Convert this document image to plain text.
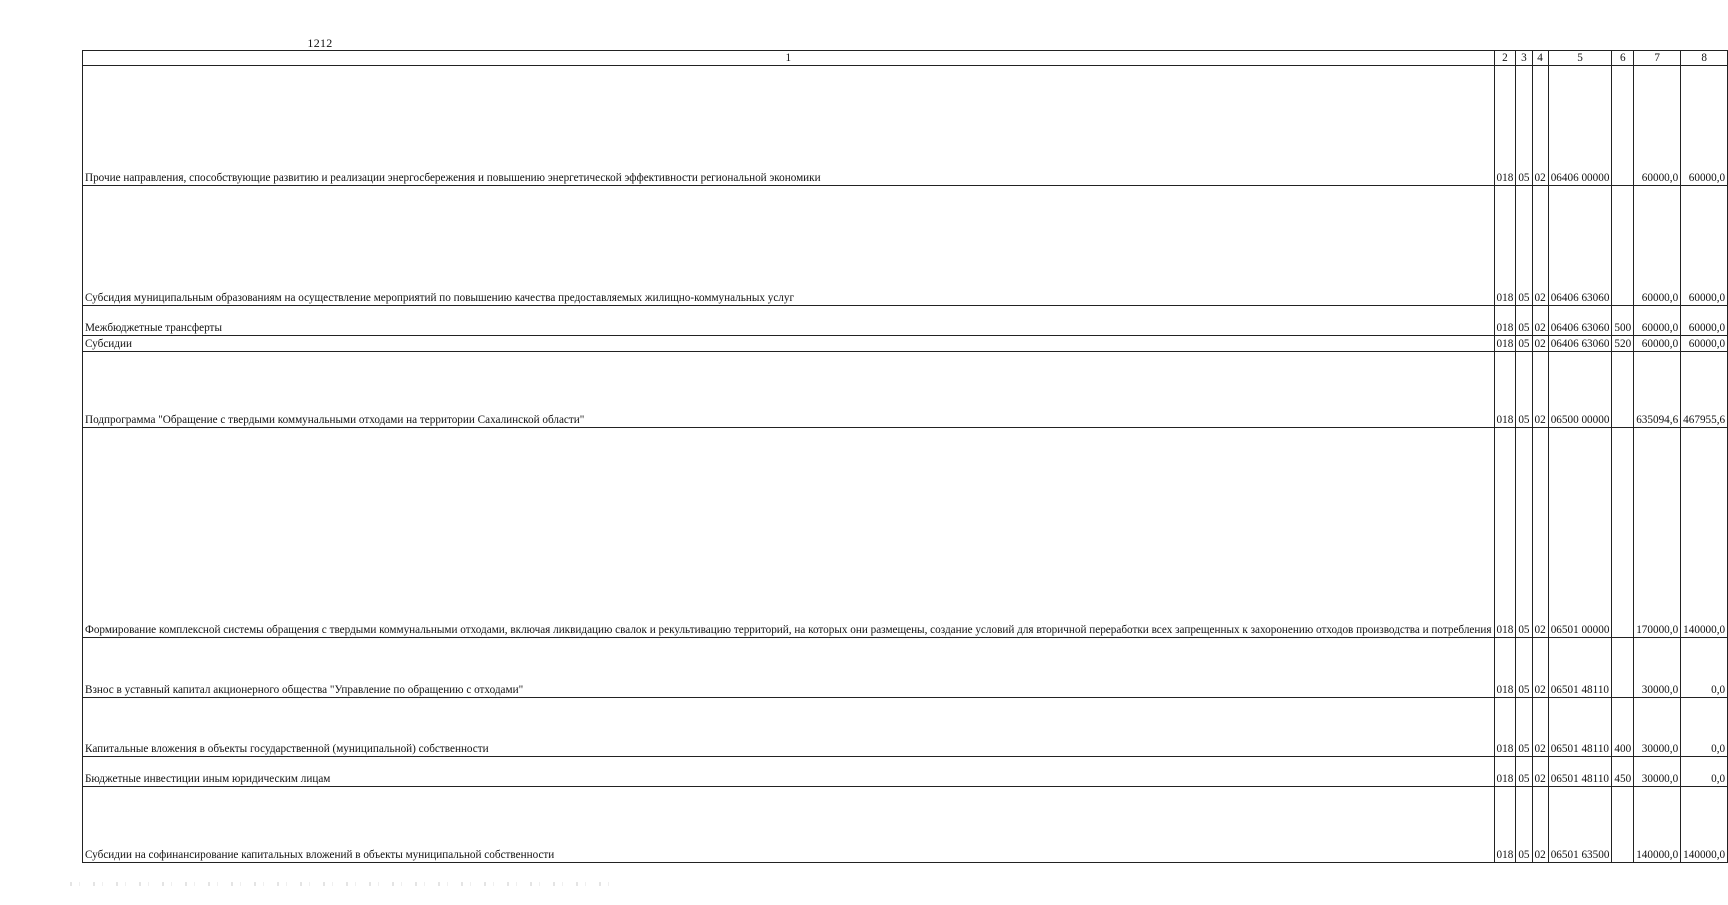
1212
1	2	3	4	5	6	7	8
Прочие направления, способствующие развитию и реализации энергосбережения и повышению энергетической эффективности региональной экономики	018	05	02	06406 00000		60000,0	60000,0
Субсидия муниципальным образованиям на осуществление мероприятий по повышению качества предоставляемых жилищно-коммунальных услуг	018	05	02	06406 63060		60000,0	60000,0
Межбюджетные трансферты	018	05	02	06406 63060	500	60000,0	60000,0
Субсидии	018	05	02	06406 63060	520	60000,0	60000,0
Подпрограмма "Обращение с твердыми коммунальными отходами на территории Сахалинской области"	018	05	02	06500 00000		635094,6	467955,6
Формирование комплексной системы обращения с твердыми коммунальными отходами, включая ликвидацию свалок и рекультивацию территорий, на которых они размещены, создание условий для вторичной переработки всех запрещенных к захоронению отходов производства и потребления	018	05	02	06501 00000		170000,0	140000,0
Взнос в уставный капитал акционерного общества "Управление по обращению с отходами"	018	05	02	06501 48110		30000,0	0,0
Капитальные вложения в объекты государственной (муниципальной) собственности	018	05	02	06501 48110	400	30000,0	0,0
Бюджетные инвестиции иным юридическим лицам	018	05	02	06501 48110	450	30000,0	0,0
Субсидии на софинансирование капитальных вложений в объекты муниципальной собственности	018	05	02	06501 63500		140000,0	140000,0
